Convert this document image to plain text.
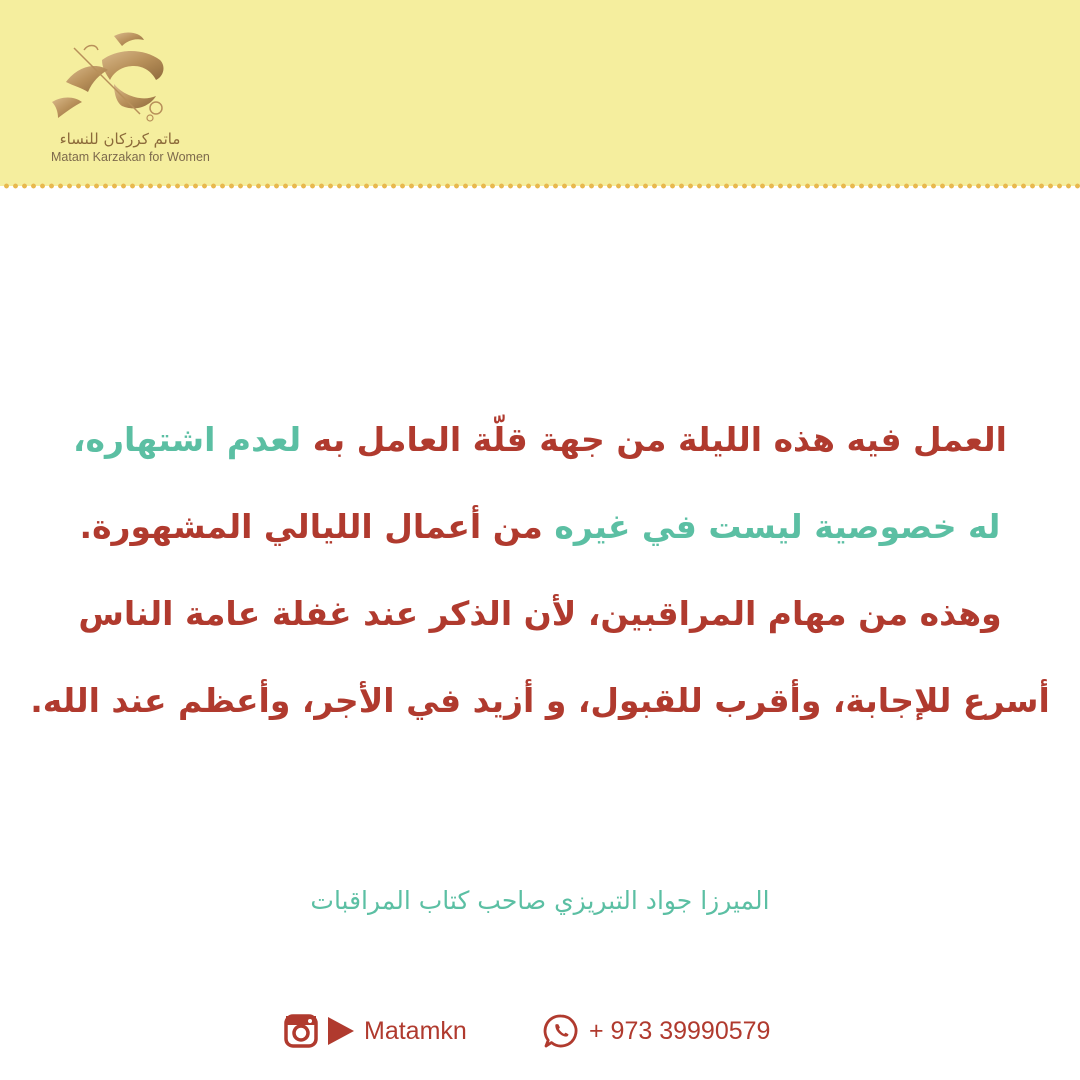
ماتم كرزكان للنساء
Matam Karzakan for Women
العمل فيه هذه الليلة من جهة قلّة العامل به لعدم اشتهاره،
له خصوصية ليست في غيره من أعمال الليالي المشهورة.
وهذه من مهام المراقبين، لأن الذكر عند غفلة عامة الناس
أسرع للإجابة، وأقرب للقبول، و أزيد في الأجر، وأعظم عند الله.
الميرزا جواد التبريزي صاحب كتاب المراقبات
Matamkn	+ 973 39990579
